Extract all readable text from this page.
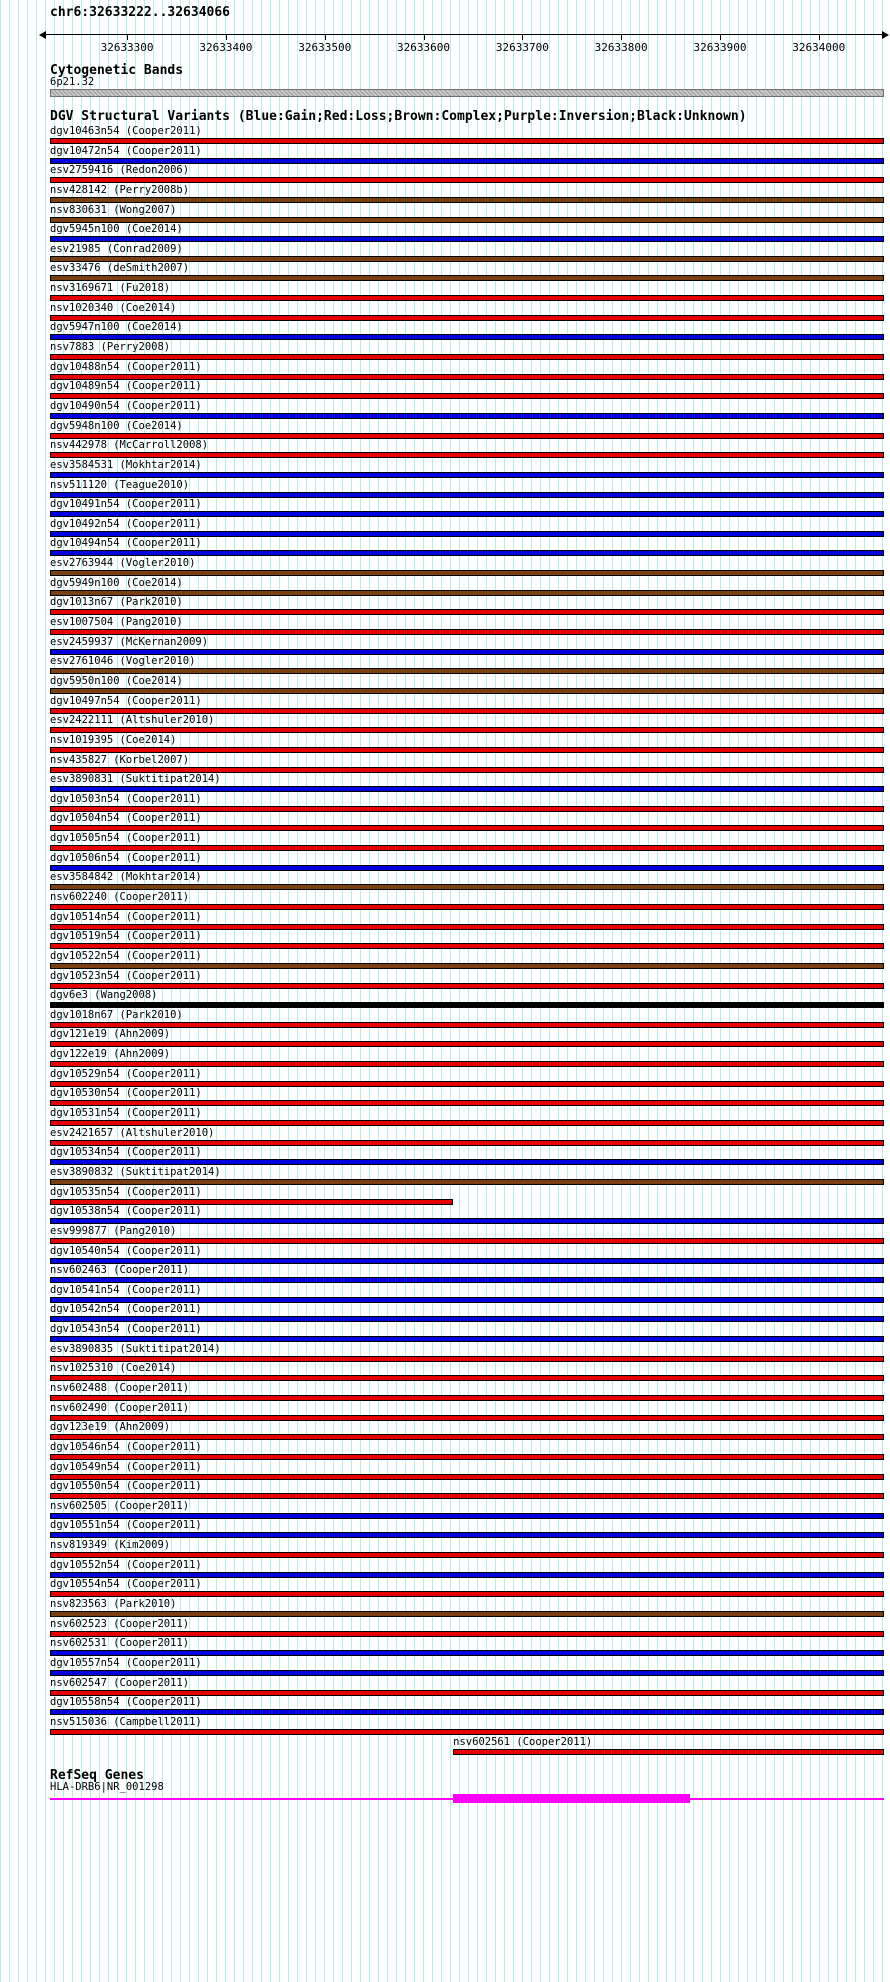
chr6:32633222..32634066
32633300	32633400	32633500	32633600	32633700	32633800	32633900	32634000
Cytogenetic Bands
6p21.32
DGV Structural Variants (Blue:Gain;Red:Loss;Brown:Complex;Purple:Inversion;Black:Unknown)
dgv10463n54 (Cooper2011)
dgv10472n54 (Cooper2011)
esv2759416 (Redon2006)
nsv428142 (Perry2008b)
nsv830631 (Wong2007)
dgv5945n100 (Coe2014)
esv21985 (Conrad2009)
esv33476 (deSmith2007)
nsv3169671 (Fu2018)
nsv1020340 (Coe2014)
dgv5947n100 (Coe2014)
nsv7883 (Perry2008)
dgv10488n54 (Cooper2011)
dgv10489n54 (Cooper2011)
dgv10490n54 (Cooper2011)
dgv5948n100 (Coe2014)
nsv442978 (McCarroll2008)
esv3584531 (Mokhtar2014)
nsv511120 (Teague2010)
dgv10491n54 (Cooper2011)
dgv10492n54 (Cooper2011)
dgv10494n54 (Cooper2011)
esv2763944 (Vogler2010)
dgv5949n100 (Coe2014)
dgv1013n67 (Park2010)
esv1007504 (Pang2010)
esv2459937 (McKernan2009)
esv2761046 (Vogler2010)
dgv5950n100 (Coe2014)
dgv10497n54 (Cooper2011)
esv2422111 (Altshuler2010)
nsv1019395 (Coe2014)
nsv435827 (Korbel2007)
esv3890831 (Suktitipat2014)
dgv10503n54 (Cooper2011)
dgv10504n54 (Cooper2011)
dgv10505n54 (Cooper2011)
dgv10506n54 (Cooper2011)
esv3584842 (Mokhtar2014)
nsv602240 (Cooper2011)
dgv10514n54 (Cooper2011)
dgv10519n54 (Cooper2011)
dgv10522n54 (Cooper2011)
dgv10523n54 (Cooper2011)
dgv6e3 (Wang2008)
dgv1018n67 (Park2010)
dgv121e19 (Ahn2009)
dgv122e19 (Ahn2009)
dgv10529n54 (Cooper2011)
dgv10530n54 (Cooper2011)
dgv10531n54 (Cooper2011)
esv2421657 (Altshuler2010)
dgv10534n54 (Cooper2011)
esv3890832 (Suktitipat2014)
dgv10535n54 (Cooper2011)
dgv10538n54 (Cooper2011)
esv999877 (Pang2010)
dgv10540n54 (Cooper2011)
nsv602463 (Cooper2011)
dgv10541n54 (Cooper2011)
dgv10542n54 (Cooper2011)
dgv10543n54 (Cooper2011)
esv3890835 (Suktitipat2014)
nsv1025310 (Coe2014)
nsv602488 (Cooper2011)
nsv602490 (Cooper2011)
dgv123e19 (Ahn2009)
dgv10546n54 (Cooper2011)
dgv10549n54 (Cooper2011)
dgv10550n54 (Cooper2011)
nsv602505 (Cooper2011)
dgv10551n54 (Cooper2011)
nsv819349 (Kim2009)
dgv10552n54 (Cooper2011)
dgv10554n54 (Cooper2011)
nsv823563 (Park2010)
nsv602523 (Cooper2011)
nsv602531 (Cooper2011)
dgv10557n54 (Cooper2011)
nsv602547 (Cooper2011)
dgv10558n54 (Cooper2011)
nsv515036 (Campbell2011)
nsv602561 (Cooper2011)
RefSeq Genes
HLA-DRB6|NR_001298
